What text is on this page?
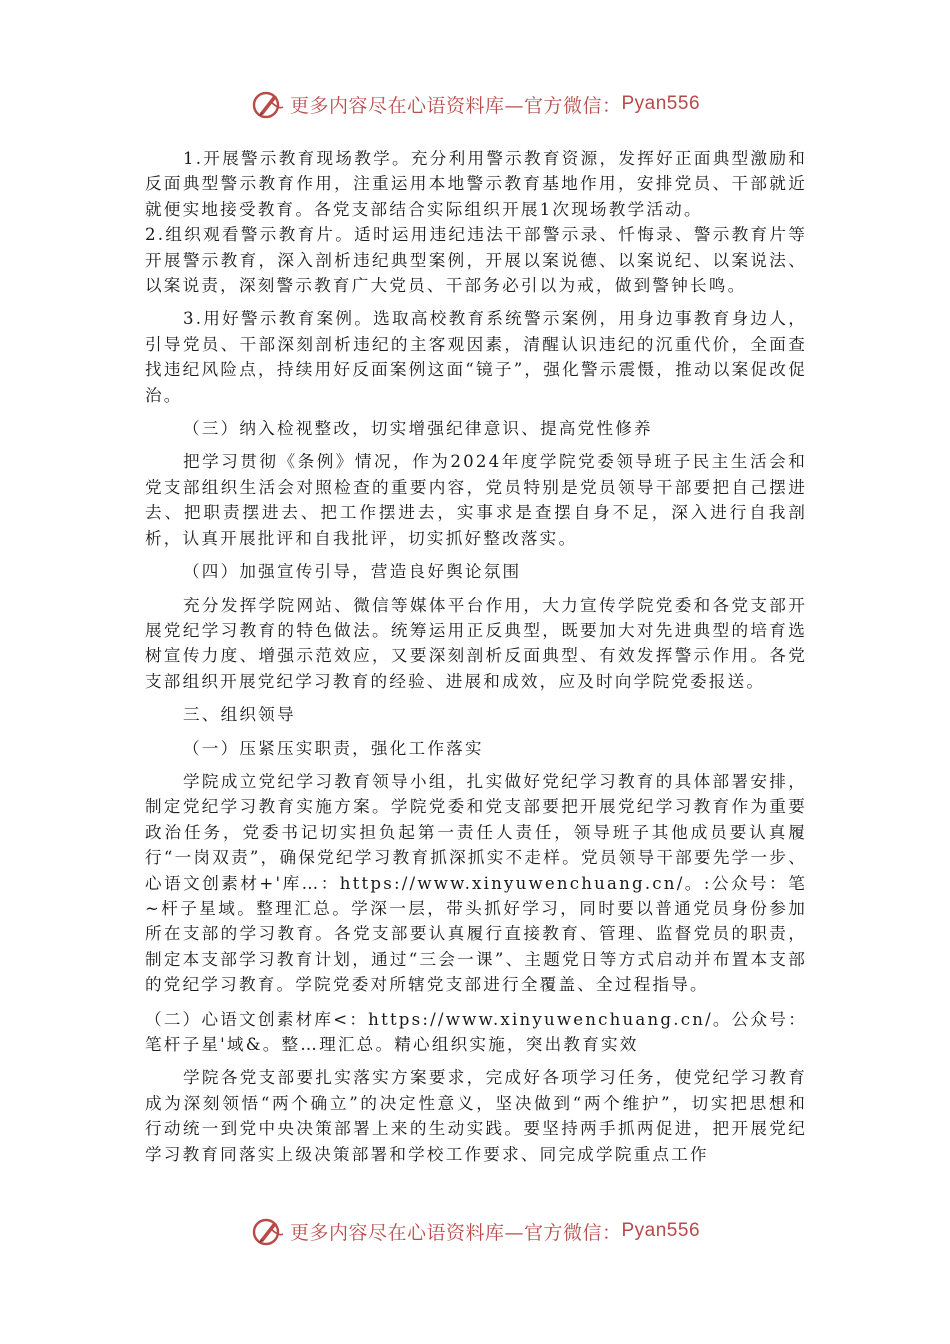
更多内容尽在心语资料库—官方微信： Pyan556

1.开展警示教育现场教学。充分利用警示教育资源，发挥好正面典型激励和反面典型警示教育作用，注重运用本地警示教育基地作用，安排党员、干部就近就便实地接受教育。各党支部结合实际组织开展1次现场教学活动。

2.组织观看警示教育片。适时运用违纪违法干部警示录、忏悔录、警示教育片等开展警示教育，深入剖析违纪典型案例，开展以案说德、以案说纪、以案说法、以案说责，深刻警示教育广大党员、干部务必引以为戒，做到警钟长鸣。

3.用好警示教育案例。选取高校教育系统警示案例，用身边事教育身边人，引导党员、干部深刻剖析违纪的主客观因素，清醒认识违纪的沉重代价，全面查找违纪风险点，持续用好反面案例这面“镜子”，强化警示震慑，推动以案促改促治。

（三）纳入检视整改，切实增强纪律意识、提高党性修养

把学习贯彻《条例》情况，作为2024年度学院党委领导班子民主生活会和党支部组织生活会对照检查的重要内容，党员特别是党员领导干部要把自己摆进去、把职责摆进去、把工作摆进去，实事求是查摆自身不足，深入进行自我剖析，认真开展批评和自我批评，切实抓好整改落实。

（四）加强宣传引导，营造良好舆论氛围

充分发挥学院网站、微信等媒体平台作用，大力宣传学院党委和各党支部开展党纪学习教育的特色做法。统筹运用正反典型，既要加大对先进典型的培育选树宣传力度、增强示范效应，又要深刻剖析反面典型、有效发挥警示作用。各党支部组织开展党纪学习教育的经验、进展和成效，应及时向学院党委报送。

三、组织领导

（一）压紧压实职责，强化工作落实

学院成立党纪学习教育领导小组，扎实做好党纪学习教育的具体部署安排，制定党纪学习教育实施方案。学院党委和党支部要把开展党纪学习教育作为重要政治任务，党委书记切实担负起第一责任人责任，领导班子其他成员要认真履行“一岗双责”，确保党纪学习教育抓深抓实不走样。党员领导干部要先学一步、心语文创素材+'库…：https://www.xinyuwenchuang.cn/。:公众号：笔~杆子星域。整理汇总。学深一层，带头抓好学习，同时要以普通党员身份参加所在支部的学习教育。各党支部要认真履行直接教育、管理、监督党员的职责，制定本支部学习教育计划，通过“三会一课”、主题党日等方式启动并布置本支部的党纪学习教育。学院党委对所辖党支部进行全覆盖、全过程指导。

（二）心语文创素材库<：https://www.xinyuwenchuang.cn/。公众号：笔杆子星'域&。整…理汇总。精心组织实施，突出教育实效

学院各党支部要扎实落实方案要求，完成好各项学习任务，使党纪学习教育成为深刻领悟“两个确立”的决定性意义，坚决做到“两个维护”，切实把思想和行动统一到党中央决策部署上来的生动实践。要坚持两手抓两促进，把开展党纪学习教育同落实上级决策部署和学校工作要求、同完成学院重点工作

更多内容尽在心语资料库—官方微信： Pyan556
